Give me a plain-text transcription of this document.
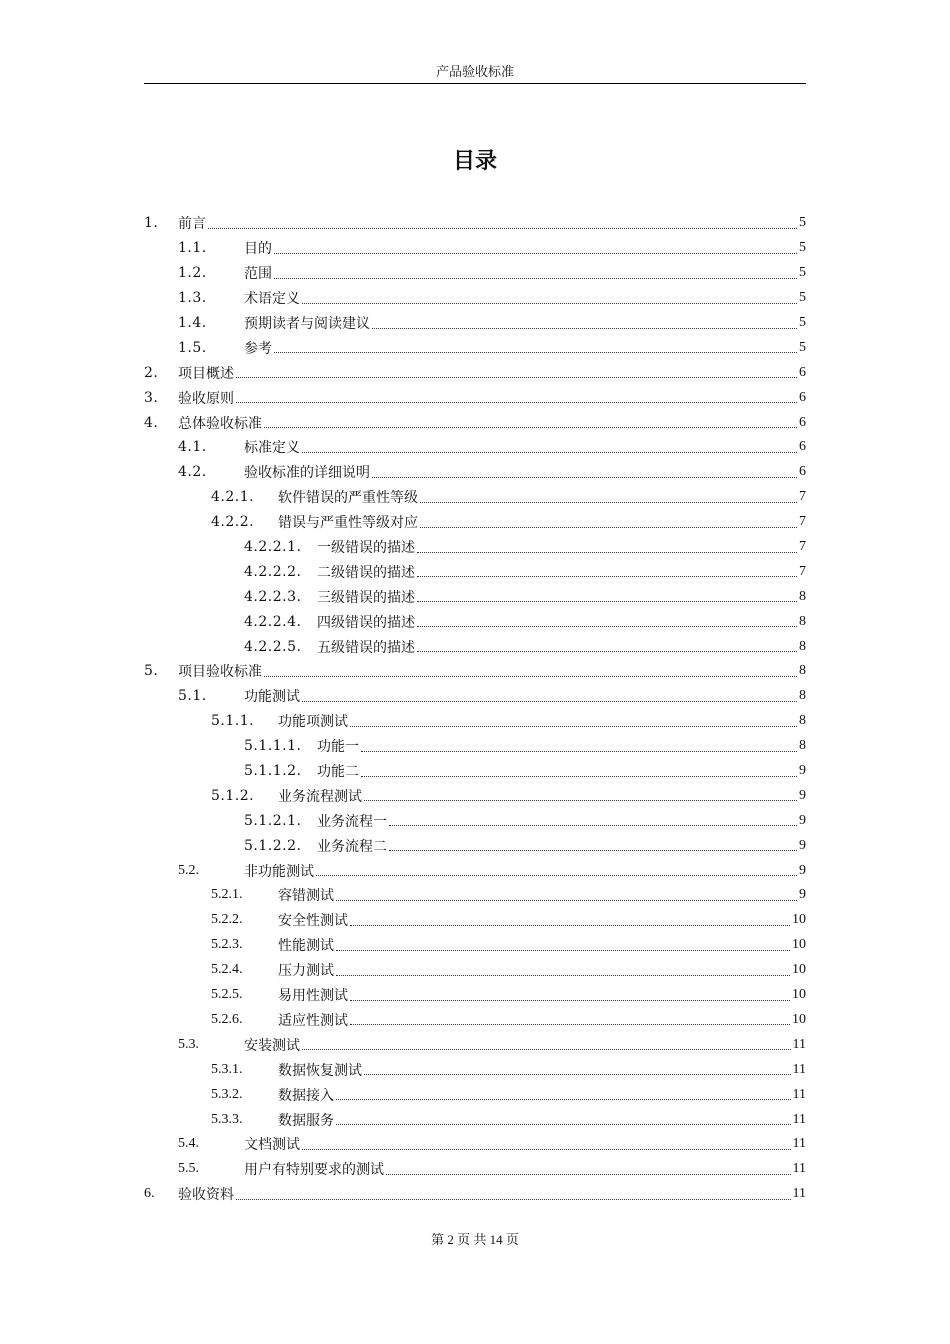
产品验收标准
目录
1.	前言	5
1.1.	目的	5
1.2.	范围	5
1.3.	术语定义	5
1.4.	预期读者与阅读建议	5
1.5.	参考	5
2.	项目概述	6
3.	验收原则	6
4.	总体验收标准	6
4.1.	标准定义	6
4.2.	验收标准的详细说明	6
4.2.1.	软件错误的严重性等级	7
4.2.2.	错误与严重性等级对应	7
4.2.2.1.	一级错误的描述	7
4.2.2.2.	二级错误的描述	7
4.2.2.3.	三级错误的描述	8
4.2.2.4.	四级错误的描述	8
4.2.2.5.	五级错误的描述	8
5.	项目验收标准	8
5.1.	功能测试	8
5.1.1.	功能项测试	8
5.1.1.1.	功能一	8
5.1.1.2.	功能二	9
5.1.2.	业务流程测试	9
5.1.2.1.	业务流程一	9
5.1.2.2.	业务流程二	9
5.2.	非功能测试	9
5.2.1.	容错测试	9
5.2.2.	安全性测试	10
5.2.3.	性能测试	10
5.2.4.	压力测试	10
5.2.5.	易用性测试	10
5.2.6.	适应性测试	10
5.3.	安装测试	11
5.3.1.	数据恢复测试	11
5.3.2.	数据接入	11
5.3.3.	数据服务	11
5.4.	文档测试	11
5.5.	用户有特别要求的测试	11
6.	验收资料	11
第 2 页 共 14 页
